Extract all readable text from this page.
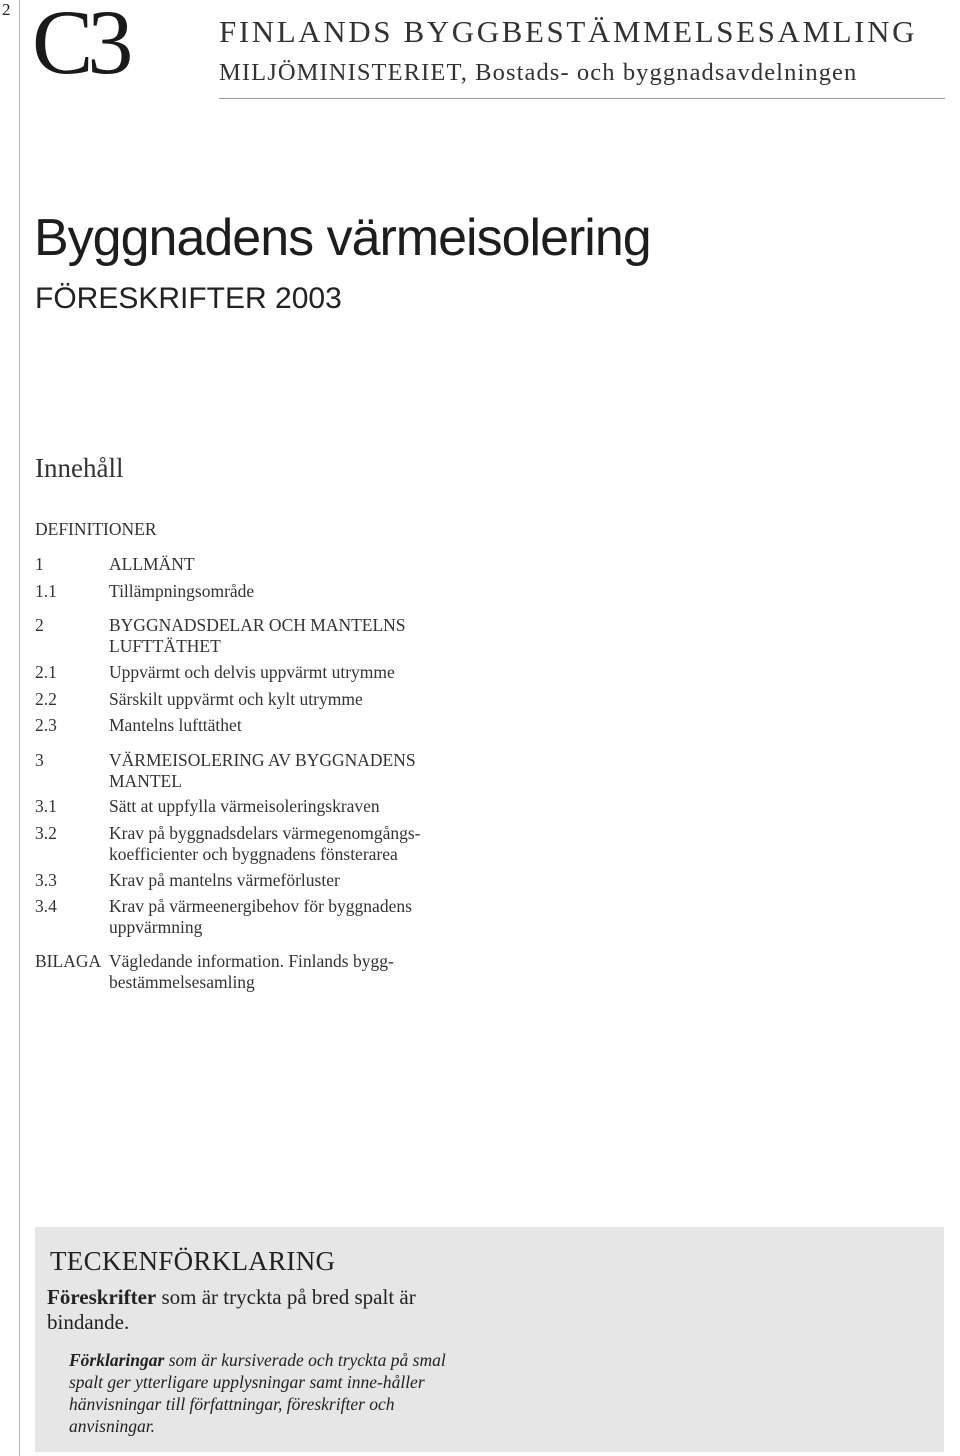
2 C3	FINLANDS BYGGBESTÄMMELSESAMLING
MILJÖMINISTERIET, Bostads- och byggnadsavdelningen
Byggnadens värmeisolering
FÖRESKRIFTER 2003
Innehåll
DEFINITIONER
1	ALLMÄNT
1.1	Tillämpningsområde
2	BYGGNADSDELAR OCH MANTELNS LUFTTÄTHET
2.1	Uppvärmt och delvis uppvärmt utrymme
2.2	Särskilt uppvärmt och kylt utrymme
2.3	Mantelns lufttäthet
3	VÄRMEISOLERING AV BYGGNADENS MANTEL
3.1	Sätt at uppfylla värmeisoleringskraven
3.2	Krav på byggnadsdelars värmegenomgångs-koefficienter och byggnadens fönsterarea
3.3	Krav på mantelns värmeförluster
3.4	Krav på värmeenergibehov för byggnadens uppvärmning
BILAGA Vägledande information. Finlands bygg-bestämmelsesamling
TECKENFÖRKLARING
Föreskrifter som är tryckta på bred spalt är bindande.
Förklaringar som är kursiverade och tryckta på smal spalt ger ytterligare upplysningar samt inne-håller hänvisningar till författningar, föreskrifter och anvisningar.
